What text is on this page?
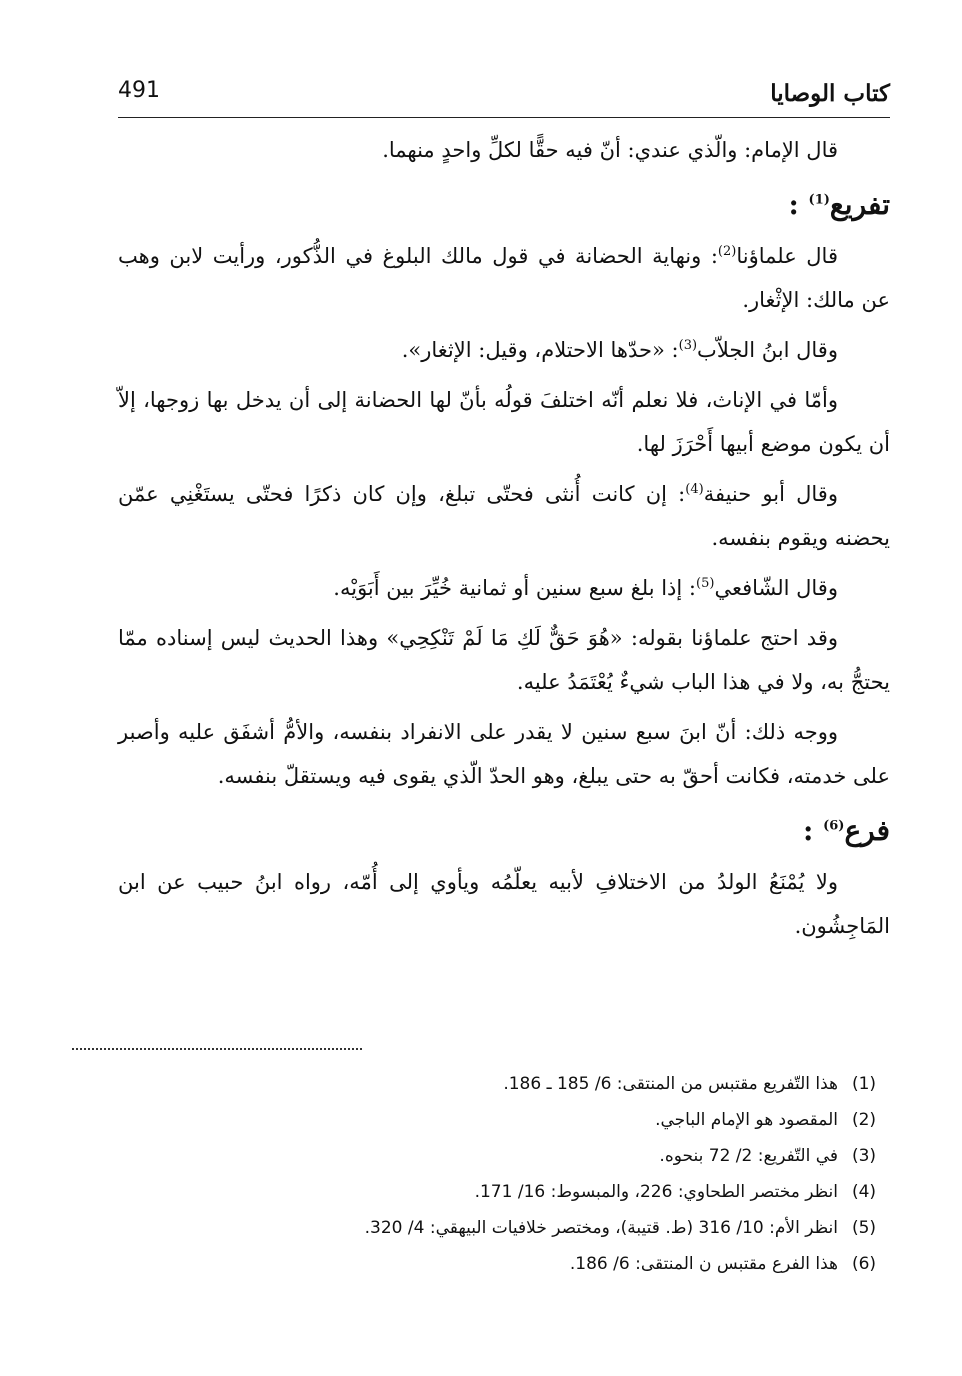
كتاب الوصايا
491

قال الإمام: والّذي عندي: أنّ فيه حقًّا لكلِّ واحدٍ منهما.

تفريع$^{(1)}$ :

قال علماؤنا$^{(2)}$: ونهاية الحضانة في قول مالك البلوغ في الذُّكور، ورأيت لابن وهب عن مالك: الإثْغار.

وقال ابنُ الجلاّب$^{(3)}$: «حدّها الاحتلام، وقيل: الإثغار».

وأمّا في الإناث، فلا نعلم أنّه اختلفَ قولُه بأنّ لها الحضانة إلى أن يدخل بها زوجها، إلاّ أن يكون موضع أبيها أَحْرَزَ لها.

وقال أبو حنيفة$^{(4)}$: إن كانت أُنثى فحتّى تبلغ، وإن كان ذكرًا فحتّى يستَغْنِي عمّن يحضنه ويقوم بنفسه.

وقال الشّافعي$^{(5)}$: إذا بلغ سبع سنين أو ثمانية خُيِّرَ بين أَبَوَيْه.

وقد احتج علماؤنا بقوله: «هُوَ حَقٌّ لَكِ مَا لَمْ تَنْكِحِي» وهذا الحديث ليس إسناده ممّا يحتجُّ به، ولا في هذا الباب شيءٌ يُعْتَمَدُ عليه.

ووجه ذلك: أنّ ابنَ سبع سنين لا يقدر على الانفراد بنفسه، والأمُّ أشفَق عليه وأصبر على خدمته، فكانت أحقّ به حتى يبلغ، وهو الحدّ الّذي يقوى فيه ويستقلّ بنفسه.

فرع$^{(6)}$ :

ولا يُمْنَعُ الولدُ من الاختلافِ لأبيه يعلّمُه ويأوي إلى أُمّه، رواه ابنُ حبيب عن ابن المَاجِشُون.

(1)
هذا التّفريع مقتبس من المنتقى: 6/ 185 ـ 186.
(2)
المقصود هو الإمام الباجي.
(3)
في التّفريع: 2/ 72 بنحوه.
(4)
انظر مختصر الطحاوي: 226، والمبسوط: 16/ 171.
(5)
انظر الأم: 10/ 316 (ط. قتيبة)، ومختصر خلافيات البيهقي: 4/ 320.
(6)
هذا الفرع مقتبس ن المنتقى: 6/ 186.
